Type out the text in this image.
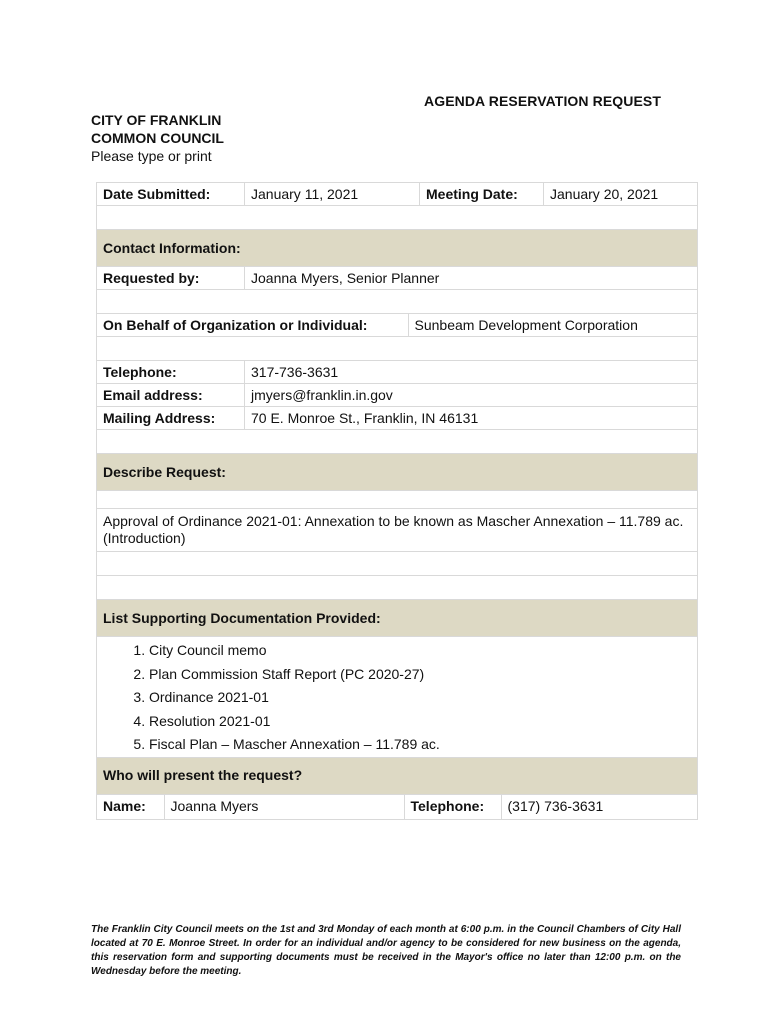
AGENDA RESERVATION REQUEST
CITY OF FRANKLIN
COMMON COUNCIL
Please type or print
Date Submitted:	January 11, 2021	Meeting Date:	January 20, 2021

Contact Information:
Requested by:	Joanna Myers, Senior Planner

On Behalf of Organization or Individual:	Sunbeam Development Corporation

Telephone:	317-736-3631
Email address:	jmyers@franklin.in.gov
Mailing Address:	70 E. Monroe St., Franklin, IN 46131

Describe Request:

Approval of Ordinance 2021-01: Annexation to be known as Mascher Annexation – 11.789 ac. (Introduction)

List Supporting Documentation Provided:

1. City Council memo
2. Plan Commission Staff Report (PC 2020-27)
3. Ordinance 2021-01
4. Resolution 2021-01
5. Fiscal Plan – Mascher Annexation – 11.789 ac.

Who will present the request?

Name:	Joanna Myers	Telephone:	(317) 736-3631
The Franklin City Council meets on the 1st and 3rd Monday of each month at 6:00 p.m. in the Council Chambers of City Hall located at 70 E. Monroe Street. In order for an individual and/or agency to be considered for new business on the agenda, this reservation form and supporting documents must be received in the Mayor's office no later than 12:00 p.m. on the Wednesday before the meeting.
